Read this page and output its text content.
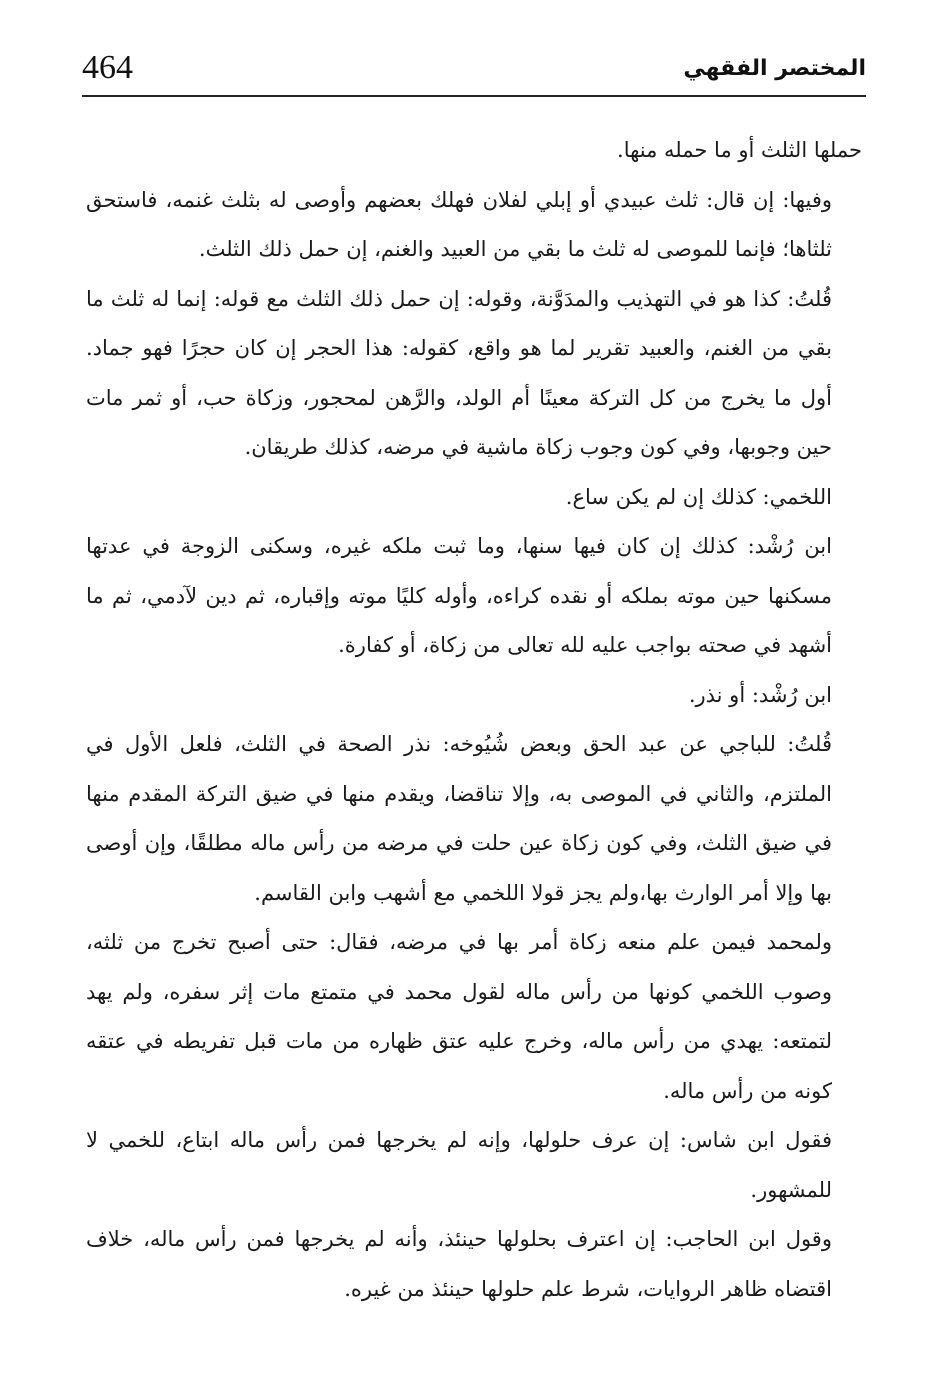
464	المختصر الفقهي

حملها الثلث أو ما حمله منها.

وفيها: إن قال: ثلث عبيدي أو إبلي لفلان فهلك بعضهم وأوصى له بثلث غنمه، فاستحق ثلثاها؛ فإنما للموصى له ثلث ما بقي من العبيد والغنم، إن حمل ذلك الثلث.

قُلتُ: كذا هو في التهذيب والمدَوَّنة، وقوله: إن حمل ذلك الثلث مع قوله: إنما له ثلث ما بقي من الغنم، والعبيد تقرير لما هو واقع، كقوله: هذا الحجر إن كان حجرًا فهو جماد. أول ما يخرج من كل التركة معينًا أم الولد، والرَّهن لمحجور، وزكاة حب، أو ثمر مات حين وجوبها، وفي كون وجوب زكاة ماشية في مرضه، كذلك طريقان.

اللخمي: كذلك إن لم يكن ساع.

ابن رُشْد: كذلك إن كان فيها سنها، وما ثبت ملكه غيره، وسكنى الزوجة في عدتها مسكنها حين موته بملكه أو نقده كراءه، وأوله كليًا موته وإقباره، ثم دين لآدمي، ثم ما أشهد في صحته بواجب عليه لله تعالى من زكاة، أو كفارة.

ابن رُشْد: أو نذر.

قُلتُ: للباجي عن عبد الحق وبعض شُيُوخه: نذر الصحة في الثلث، فلعل الأول في الملتزم، والثاني في الموصى به، وإلا تناقضا، ويقدم منها في ضيق التركة المقدم منها في ضيق الثلث، وفي كون زكاة عين حلت في مرضه من رأس ماله مطلقًا، وإن أوصى بها وإلا أمر الوارث بها،ولم يجز قولا اللخمي مع أشهب وابن القاسم.

ولمحمد فيمن علم منعه زكاة أمر بها في مرضه، فقال: حتى أصبح تخرج من ثلثه، وصوب اللخمي كونها من رأس ماله لقول محمد في متمتع مات إثر سفره، ولم يهد لتمتعه: يهدي من رأس ماله، وخرج عليه عتق ظهاره من مات قبل تفريطه في عتقه كونه من رأس ماله.

فقول ابن شاس: إن عرف حلولها، وإنه لم يخرجها فمن رأس ماله ابتاع، للخمي لا للمشهور.

وقول ابن الحاجب: إن اعترف بحلولها حينئذ، وأنه لم يخرجها فمن رأس ماله، خلاف اقتضاه ظاهر الروايات، شرط علم حلولها حينئذ من غيره.
